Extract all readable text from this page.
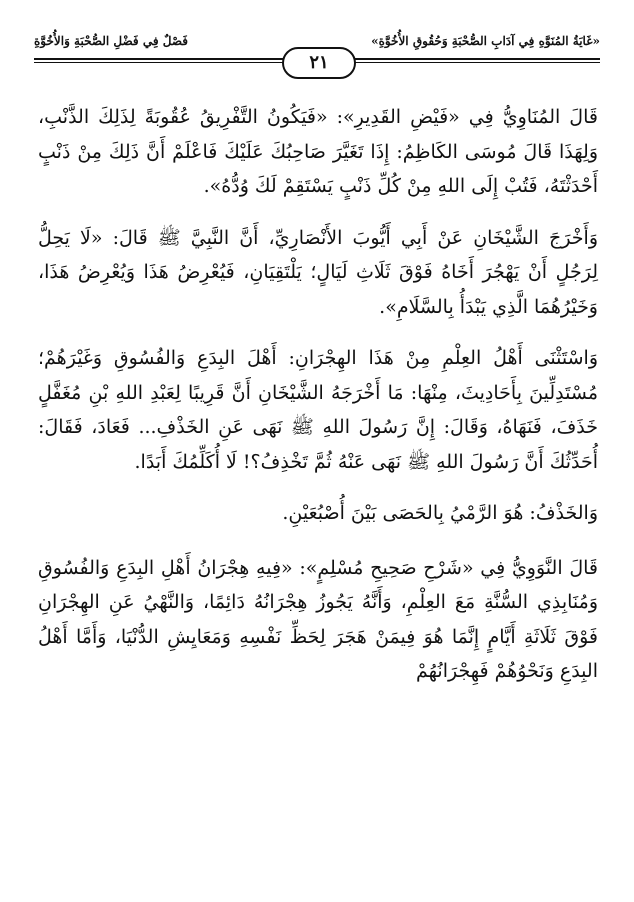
«غَايَةُ المُنَوَّهِ فِي آدَابِ الصُّحْبَةِ وَحُقُوقِ الأُخُوَّةِ»
فَصْلٌ فِي فَضْلِ الصُّحْبَةِ وَالأُخُوَّةِ
٢١

قَالَ المُنَاوِيُّ فِي «فَيْضِ القَدِيرِ»: «فَيَكُونُ التَّفْرِيقُ عُقُوبَةً لِذَلِكَ الذَّنْبِ، وَلِهَذَا قَالَ مُوسَى الكَاظِمُ: إِذَا تَغَيَّرَ صَاحِبُكَ عَلَيْكَ فَاعْلَمْ أَنَّ ذَلِكَ مِنْ ذَنْبٍ أَحْدَثْتَهُ، فَتُبْ إِلَى اللهِ مِنْ كُلِّ ذَنْبٍ يَسْتَقِمْ لَكَ وُدُّهُ».

وَأَخْرَجَ الشَّيْخَانِ عَنْ أَبِي أَيُّوبَ الأَنْصَارِيِّ، أَنَّ النَّبِيَّ ﷺ قَالَ: «لَا يَحِلُّ لِرَجُلٍ أَنْ يَهْجُرَ أَخَاهُ فَوْقَ ثَلَاثِ لَيَالٍ؛ يَلْتَقِيَانِ، فَيُعْرِضُ هَذَا وَيُعْرِضُ هَذَا، وَخَيْرُهُمَا الَّذِي يَبْدَأُ بِالسَّلَامِ».

وَاسْتَثْنَى أَهْلُ العِلْمِ مِنْ هَذَا الهِجْرَانِ: أَهْلَ البِدَعِ وَالفُسُوقِ وَغَيْرَهُمْ؛ مُسْتَدِلِّينَ بِأَحَادِيثَ، مِنْهَا: مَا أَخْرَجَهُ الشَّيْخَانِ أَنَّ قَرِيبًا لِعَبْدِ اللهِ بْنِ مُغَفَّلٍ خَذَفَ، فَنَهَاهُ، وَقَالَ: إِنَّ رَسُولَ اللهِ ﷺ نَهَى عَنِ الخَذْفِ... فَعَادَ، فَقَالَ: أُحَدِّثُكَ أَنَّ رَسُولَ اللهِ ﷺ نَهَى عَنْهُ ثُمَّ تَخْذِفُ؟! لَا أُكَلِّمُكَ أَبَدًا.

وَالخَذْفُ: هُوَ الرَّمْيُ بِالحَصَى بَيْنَ أُصْبُعَيْنِ.

قَالَ النَّوَوِيُّ فِي «شَرْحِ صَحِيحِ مُسْلِمٍ»: «فِيهِ هِجْرَانُ أَهْلِ البِدَعِ وَالفُسُوقِ وَمُنَابِذِي السُّنَّةِ مَعَ العِلْمِ، وَأَنَّهُ يَجُوزُ هِجْرَانُهُ دَائِمًا، وَالنَّهْيُ عَنِ الهِجْرَانِ فَوْقَ ثَلَاثَةِ أَيَّامٍ إِنَّمَا هُوَ فِيمَنْ هَجَرَ لِحَظِّ نَفْسِهِ وَمَعَايِشِ الدُّنْيَا، وَأَمَّا أَهْلُ البِدَعِ وَنَحْوُهُمْ فَهِجْرَانُهُمْ
